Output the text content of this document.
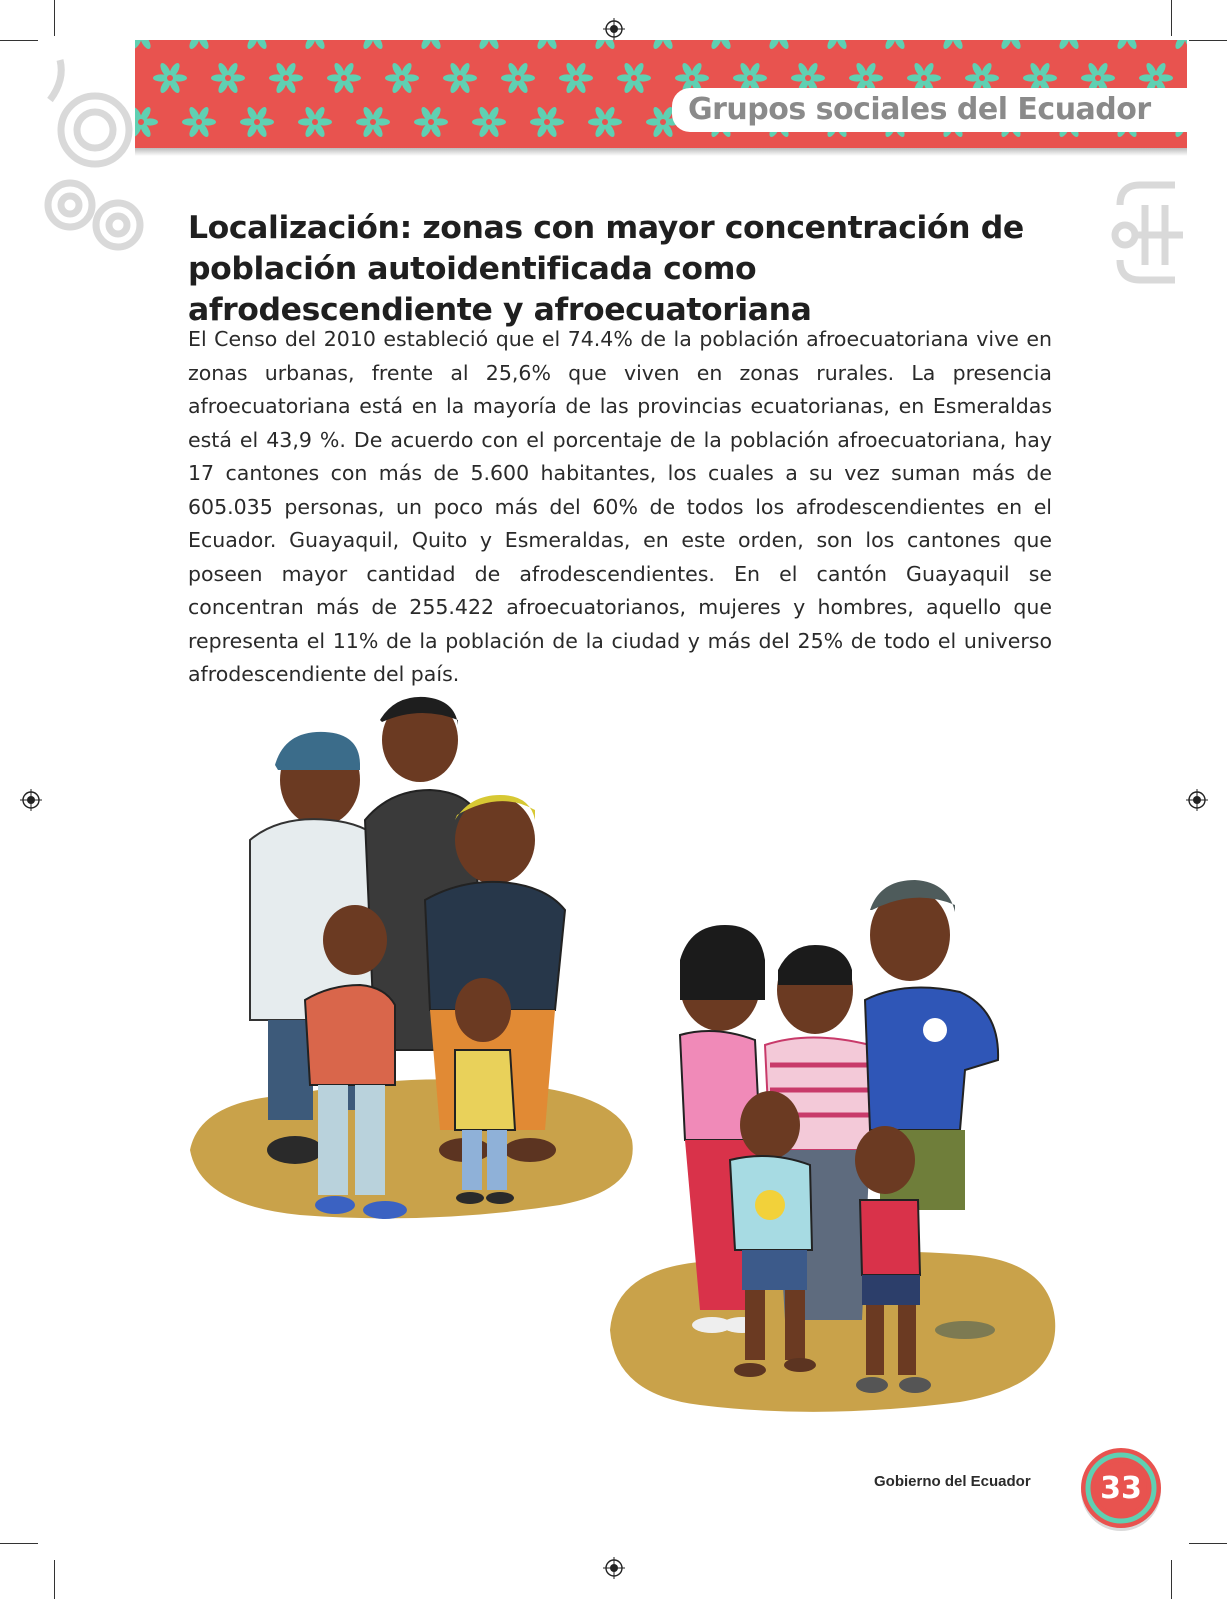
Grupos sociales del Ecuador
Localización: zonas con mayor concentración de población autoidentificada como afrodescendiente y afroecuatoriana

El Censo del 2010 estableció que el 74.4% de la población afroecuatoriana vive en zonas urbanas, frente al 25,6% que viven en zonas rurales. La presencia afroecuatoriana está en la mayoría de las provincias ecuatorianas, en Esmeraldas está el 43,9 %. De acuerdo con el porcentaje de la población afroecuatoriana, hay 17 cantones con más de 5.600 habitantes, los cuales a su vez suman más de 605.035 personas, un poco más del 60% de todos los afrodescendientes en el Ecuador. Guayaquil, Quito y Esmeraldas, en este orden, son los cantones que poseen mayor cantidad de afrodescendientes. En el cantón Guayaquil se concentran más de 255.422 afroecuatorianos, mujeres y hombres, aquello que representa el 11% de la población de la ciudad y más del 25% de todo el universo afrodescendiente del país.

Gobierno del Ecuador	33
